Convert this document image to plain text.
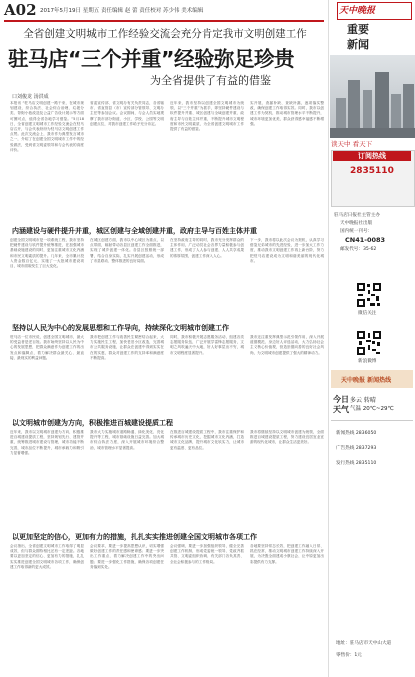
A02 2017年5月19日 星期五 责任编辑 赵 蕾 责任校对 苏少伟 美术编辑
全省创建文明城市工作经验交流会充分肯定我市文明创建工作
驻马店“三个并重”经验弥足珍贵
为全省提供了有益的借鉴
口刘俊龙 汤洪成
本报讯 “驻马店文明创建一路干来，在城市规划建设、综合执法、社会综合治理、垃圾分类、背街小巷改造及公益广告设计展示等方面可圈可点，值得全省各地学习借鉴。”5月18日，全省创建文明城市工作经验交流会在驻马店召开，与会代表纷纷为驻马店文明创建工作点赞。此次交流会上，我市作为典型发言城市之一，介绍了在创建全国文明城市工作中的经验做法，受到省文明委领导和与会代表的高度评价。
省委宣传部、省文明办有关负责同志，各省辖市、省直管县（市）宣传部分管领导、文明办主任等参加会议。会议期间，与会人员实地观摩了我市部分街道、小区、学校、公园等文明创建点位，对我市创建工作给予充分肯定。
近年来，我市坚持以创建全国文明城市为统领，以“三个并重”为抓手，即坚持硬件建设与软件提升并重、城区创建与全域创建并重、政府主导与百姓主体并重，不断提升城市文明程度和市民文明素质，为全省创建文明城市工作提供了有益的借鉴。
实开展、查漏补缺、查缺补漏，逐项落实整改，确保创建工作取得实效。同时，我市以创建工作为契机，推动城市管理水平不断提升，城市环境更加优美，群众获得感幸福感不断增强。
内涵建设与硬件提升并重，城区创建与全域创建并重，政府主导与百姓主体并重
创建全国文明城市是一项系统工程，我市坚持把硬件建设与软件提升统筹推进，在加强城市基础设施建设的同时，更加注重城市文化内涵和市民文明素质的提升。几年来，全市累计投入资金数百亿元，实施了一大批城市建设项目，城市面貌发生了巨大变化。
在城区创建方面，我市以中心城区为重点，以点带面，辐射带动各县区创建工作全面推进，实现了城乡创建一体化。各县区按照统一部署，结合自身实际，扎实开展创建活动，形成了市县联动、整体推进的良好局面。
在坚持政府主导的同时，我市充分发挥群众的主体作用，广泛动员社会各界力量积极参与创建工作，形成了人人参与创建、人人共享成果的浓厚氛围，创建工作深入人心。
下一步，我市将以此次会议为契机，认真学习借鉴兄弟城市的先进经验，进一步加大工作力度，推动我市文明创建工作再上新台阶，努力把驻马店建设成为文明和谐美丽的现代化城市。
坚持以人民为中心的发展思想和工作导向，持续深化文明城市创建工作
驻马店一位市民说，创建全国文明城市，最大的受益者是老百姓。我市始终坚持以人民为中心的发展思想，把群众满意作为创建工作的出发点和落脚点，着力解决群众最关心、最直接、最现实的利益问题。
我市把创建工作与改善民生紧密结合起来，大力实施民生工程，加快老旧小区改造，完善城市公共服务设施，让群众在创建中得到实实在在的实惠，群众对创建工作的支持率和满意度不断提高。
同时，我市积极开展志愿服务活动，组建各类志愿服务队伍，广泛开展学雷锋志愿服务，文明之风吹遍天中大地，好人好事层出不穷，城市文明程度显著提升。
我市还注重发挥典型示范引领作用，深入开展道德模范、身边好人评选活动，大力弘扬社会主义核心价值观，营造崇德向善的良好社会风尚，为文明城市创建提供了强大的精神动力。
以文明城市创建为方向，积极推进百城建设提质工程
近年来，我市以文明城市创建为方向，积极推进百城建设提质工程，坚持规划先行、建管并重，统筹推进城市建设与管理，城市功能不断完善，城市品位不断提升，城市承载力和吸引力显著增强。
我市大力实施城市道路畅通、绿化美化、亮化提升等工程，城市基础设施日益完善。加大城市综合执法力度，深入开展城市环境综合整治，城市管理水平显著提高。
在推进百城建设提质工程中，我市注重保护和传承城市历史文化，挖掘城市文化内涵，打造城市文化品牌，提升城市文化软实力，让城市更有温度、更有品位。
我市将继续坚持以文明城市创建为统领，全面推进百城建设提质工程，努力建设宜居宜业宜游的现代化城市，让群众生活更美好。
以更加坚定的信心，更加有力的措施，扎扎实实推进创建全国文明城市各项工作
会议指出，全省创建文明城市工作取得了明显成效，但与群众期待相比还有一定差距。各地要以更加坚定的信心、更加有力的措施，扎扎实实推进创建全国文明城市各项工作，确保创建工作取得新的更大成效。
会议要求，要进一步提高思想认识，切实增强做好创建工作的责任感和使命感；要进一步突出工作重点，着力解决创建工作中的突出问题；要进一步强化工作措施，确保各项创建任务落到实处。
会议强调，要进一步加强组织领导，健全完善创建工作机制，形成党委统一领导、党政齐抓共管、文明委组织协调、有关部门各负其责、全社会积极参与的工作格局。
各地要坚持常态长效，把创建工作融入日常、抓在经常，推动文明城市创建工作持续深入开展，为决胜全面建成小康社会、让中原更加出彩提供有力支撑。
天中晚报
重要
新闻
读天中 看天下
订阅热线
2835110
驻马店日报社主管主办
天中晚报社出版
国内统一刊号：
CN41-0083
邮发代号：35-62
微信关注
新浪微博
天中晚报 新闻热线
今日
天气
多云 转晴
气温 20℃~29℃
新闻热线 2836050
广告热线 2837293
发行热线 2835110
地址：驻马店市天中山大道
零售价：1元
